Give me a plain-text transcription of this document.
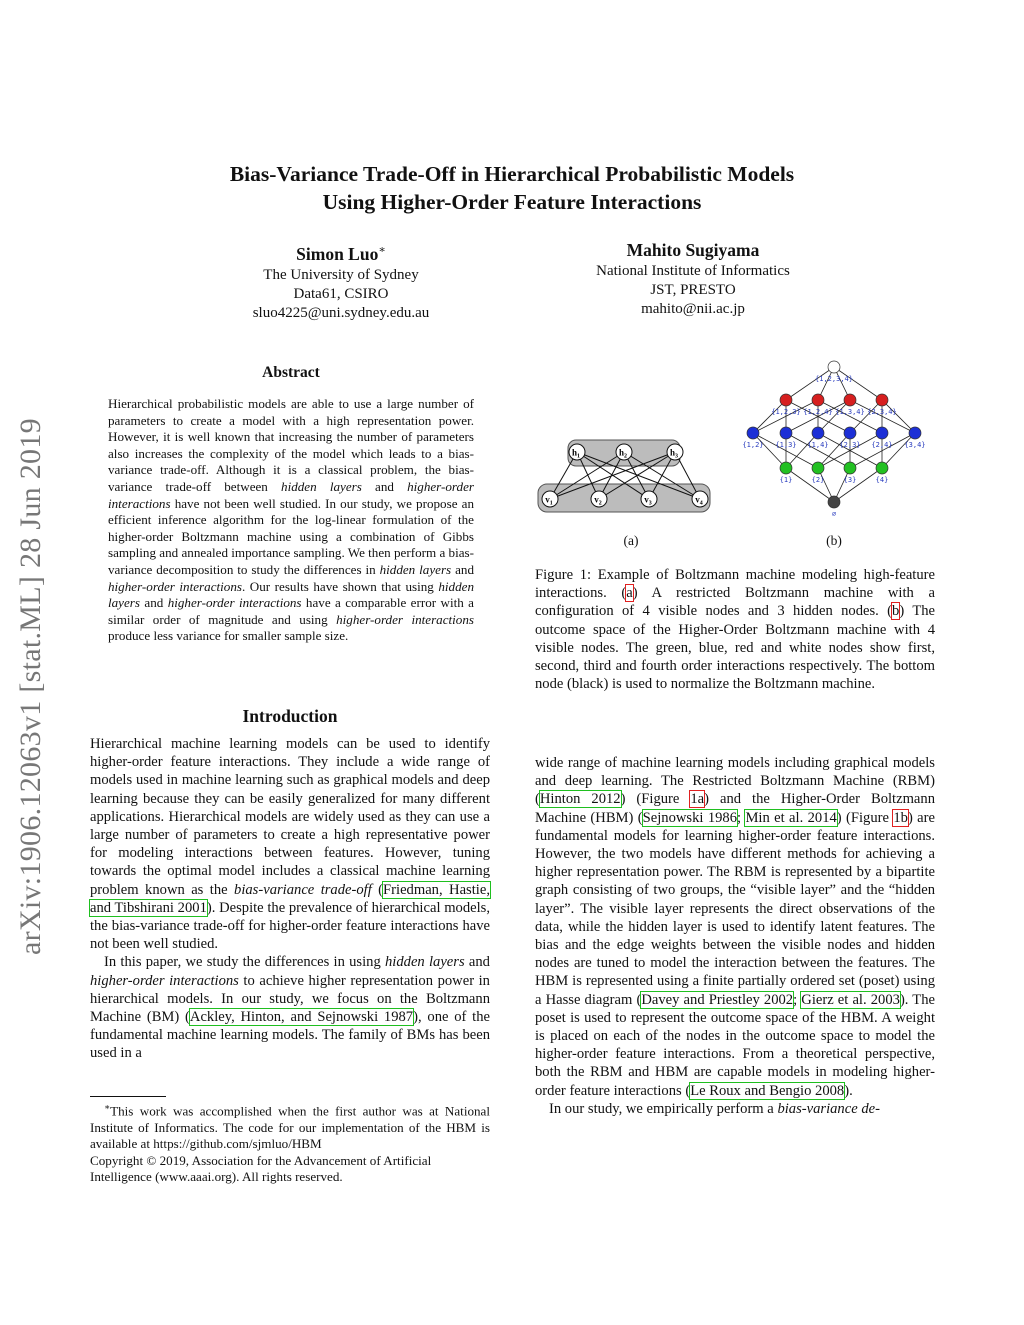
Bias-Variance Trade-Off in Hierarchical Probabilistic Models
Using Higher-Order Feature Interactions
Simon Luo∗
The University of Sydney
Data61, CSIRO
sluo4225@uni.sydney.edu.au
Mahito Sugiyama
National Institute of Informatics
JST, PRESTO
mahito@nii.ac.jp
arXiv:1906.12063v1 [stat.ML] 28 Jun 2019
Abstract
Hierarchical probabilistic models are able to use a large number of parameters to create a model with a high representation power. However, it is well known that increasing the number of parameters also increases the complexity of the model which leads to a bias-variance trade-off. Although it is a classical problem, the bias-variance trade-off between hidden layers and higher-order interactions have not been well studied. In our study, we propose an efficient inference algorithm for the log-linear formulation of the higher-order Boltzmann machine using a combination of Gibbs sampling and annealed importance sampling. We then perform a bias-variance decomposition to study the differences in hidden layers and higher-order interactions. Our results have shown that using hidden layers and higher-order interactions have a comparable error with a similar order of magnitude and using higher-order interactions produce less variance for smaller sample size.
Introduction

Hierarchical machine learning models can be used to identify higher-order feature interactions. They include a wide range of models used in machine learning such as graphical models and deep learning because they can be easily generalized for many different applications. Hierarchical models are widely used as they can use a large number of parameters to create a high representative power for modeling interactions between features. However, tuning towards the optimal model includes a classical machine learning problem known as the bias-variance trade-off (Friedman, Hastie, and Tibshirani 2001). Despite the prevalence of hierarchical models, the bias-variance trade-off for higher-order feature interactions have not been well studied.

In this paper, we study the differences in using hidden layers and higher-order interactions to achieve higher representation power in hierarchical models. In our study, we focus on the Boltzmann Machine (BM) (Ackley, Hinton, and Sejnowski 1987), one of the fundamental machine learning models. The family of BMs has been used in a

∗This work was accomplished when the first author was at National Institute of Informatics. The code for our implementation of the HBM is available at https://github.com/sjmluo/HBM
Copyright © 2019, Association for the Advancement of Artificial Intelligence (www.aaai.org). All rights reserved.
$h_1$	$h_2$	$h_3$
$v_1$	$v_2$	$v_3$	$v_4$
(a)
{1,2,3,4}
{1,2,3} {1,2,4} {1,3,4} {2,3,4}
{1,2} {1,3} {1,4} {2,3} {2,4} {3,4}
{1}	{2}	{3}	{4}
∅
(b)
Figure 1: Example of Boltzmann machine modeling high-feature interactions. (a) A restricted Boltzmann machine with a configuration of 4 visible nodes and 3 hidden nodes. (b) The outcome space of the Higher-Order Boltzmann machine with 4 visible nodes. The green, blue, red and white nodes show first, second, third and fourth order interactions respectively. The bottom node (black) is used to normalize the Boltzmann machine.

wide range of machine learning models including graphical models and deep learning. The Restricted Boltzmann Machine (RBM) (Hinton 2012) (Figure 1a) and the Higher-Order Boltzmann Machine (HBM) (Sejnowski 1986; Min et al. 2014) (Figure 1b) are fundamental models for learning higher-order feature interactions. However, the two models have different methods for achieving a higher representation power. The RBM is represented by a bipartite graph consisting of two groups, the “visible layer” and the “hidden layer”. The visible layer represents the direct observations of the data, while the hidden layer is used to identify latent features. The bias and the edge weights between the visible nodes and hidden nodes are tuned to model the interaction between the features. The HBM is represented using a finite partially ordered set (poset) using a Hasse diagram (Davey and Priestley 2002; Gierz et al. 2003). The poset is used to represent the outcome space of the HBM. A weight is placed on each of the nodes in the outcome space to model the higher-order feature interactions. From a theoretical perspective, both the RBM and HBM are capable models in modeling higher-order feature interactions (Le Roux and Bengio 2008).

In our study, we empirically perform a bias-variance de-
